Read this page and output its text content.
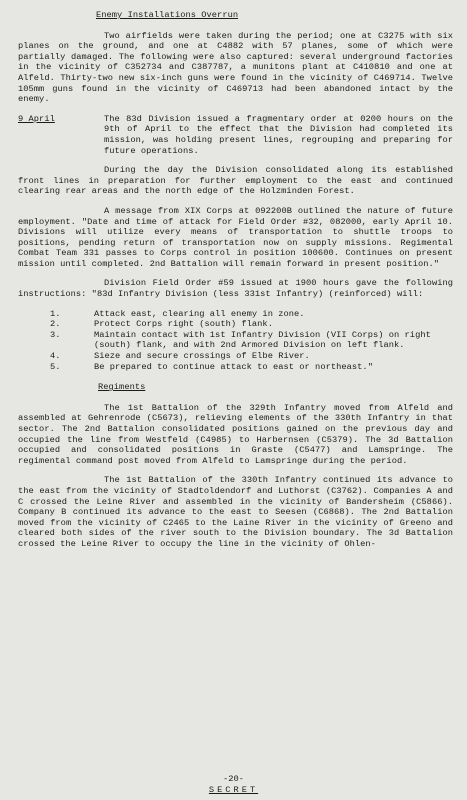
Enemy Installations Overrun

Two airfields were taken during the period; one at C3275 with six planes on the ground, and one at C4882 with 57 planes, some of which were partially damaged. The following were also captured: several underground factories in the vicinity of C352734 and C387787, a munitons plant at C410810 and one at Alfeld. Thirty-two new six-inch guns were found in the vicinity of C469714. Twelve 105mm guns found in the vicinity of C469713 had been abandoned intact by the enemy.

9 April	The 83d Division issued a fragmentary order at 0200 hours on the 9th of April to the effect that the Division had completed its mission, was holding present lines, regrouping and preparing for future operations.

During the day the Division consolidated along its established front lines in preparation for further employment to the east and continued clearing rear areas and the north edge of the Holzminden Forest.

A message from XIX Corps at 092200B outlined the nature of future employment. "Date and time of attack for Field Order #32, 082000, early April 10. Divisions will utilize every means of transportation to shuttle troops to positions, pending return of transportation now on supply missions. Regimental Combat Team 331 passes to Corps control in position 100600. Continues on present mission until completed. 2nd Battalion will remain forward in present position."

Division Field Order #59 issued at 1900 hours gave the following instructions: "83d Infantry Division (less 331st Infantry) (reinforced) will:

1.	Attack east, clearing all enemy in zone.
2.	Protect Corps right (south) flank.
3.	Maintain contact with 1st Infantry Division (VII Corps) on right (south) flank, and with 2nd Armored Division on left flank.
4.	Sieze and secure crossings of Elbe River.
5.	Be prepared to continue attack to east or northeast."
Regiments

The 1st Battalion of the 329th Infantry moved from Alfeld and assembled at Gehrenrode (C5673), relieving elements of the 330th Infantry in that sector. The 2nd Battalion consolidated positions gained on the previous day and occupied the line from Westfeld (C4985) to Harbernsen (C5379). The 3d Battalion occupied and consolidated positions in Graste (C5477) and Lamspringe. The regimental command post moved from Alfeld to Lamspringe during the period.

The 1st Battalion of the 330th Infantry continued its advance to the east from the vicinity of Stadtoldendorf and Luthorst (C3762). Companies A and C crossed the Leine River and assembled in the vicinity of Bandersheim (C5866). Company B continued its advance to the east to Seesen (C6868). The 2nd Battalion moved from the vicinity of C2465 to the Laine River in the vicinity of Greeno and cleared both sides of the river south to the Division boundary. The 3d Battalion crossed the Leine River to occupy the line in the vicinity of Ohlen-

-20-
SECRET
